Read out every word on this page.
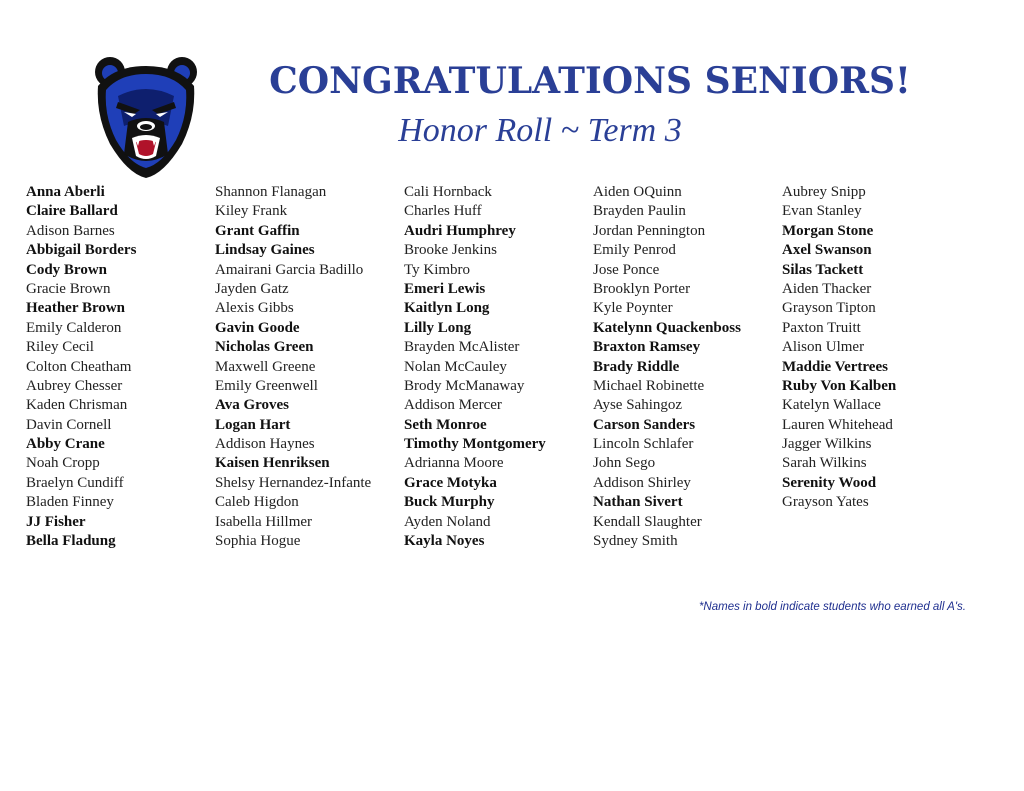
CONGRATULATIONS SENIORS!
Honor Roll ~ Term 3
Anna Aberli
Claire Ballard
Adison Barnes
Abbigail Borders
Cody Brown
Gracie Brown
Heather Brown
Emily Calderon
Riley Cecil
Colton Cheatham
Aubrey Chesser
Kaden Chrisman
Davin Cornell
Abby Crane
Noah Cropp
Braelyn Cundiff
Bladen Finney
JJ Fisher
Bella Fladung
Shannon Flanagan
Kiley Frank
Grant Gaffin
Lindsay Gaines
Amairani Garcia Badillo
Jayden Gatz
Alexis Gibbs
Gavin Goode
Nicholas Green
Maxwell Greene
Emily Greenwell
Ava Groves
Logan Hart
Addison Haynes
Kaisen Henriksen
Shelsy Hernandez-Infante
Caleb Higdon
Isabella Hillmer
Sophia Hogue
Cali Hornback
Charles Huff
Audri Humphrey
Brooke Jenkins
Ty Kimbro
Emeri Lewis
Kaitlyn Long
Lilly Long
Brayden McAlister
Nolan McCauley
Brody McManaway
Addison Mercer
Seth Monroe
Timothy Montgomery
Adrianna Moore
Grace Motyka
Buck Murphy
Ayden Noland
Kayla Noyes
Aiden OQuinn
Brayden Paulin
Jordan Pennington
Emily Penrod
Jose Ponce
Brooklyn Porter
Kyle Poynter
Katelynn Quackenboss
Braxton Ramsey
Brady Riddle
Michael Robinette
Ayse Sahingoz
Carson Sanders
Lincoln Schlafer
John Sego
Addison Shirley
Nathan Sivert
Kendall Slaughter
Sydney Smith
Aubrey Snipp
Evan Stanley
Morgan Stone
Axel Swanson
Silas Tackett
Aiden Thacker
Grayson Tipton
Paxton Truitt
Alison Ulmer
Maddie Vertrees
Ruby Von Kalben
Katelyn Wallace
Lauren Whitehead
Jagger Wilkins
Sarah Wilkins
Serenity Wood
Grayson Yates
*Names in bold indicate students who earned all A's.
